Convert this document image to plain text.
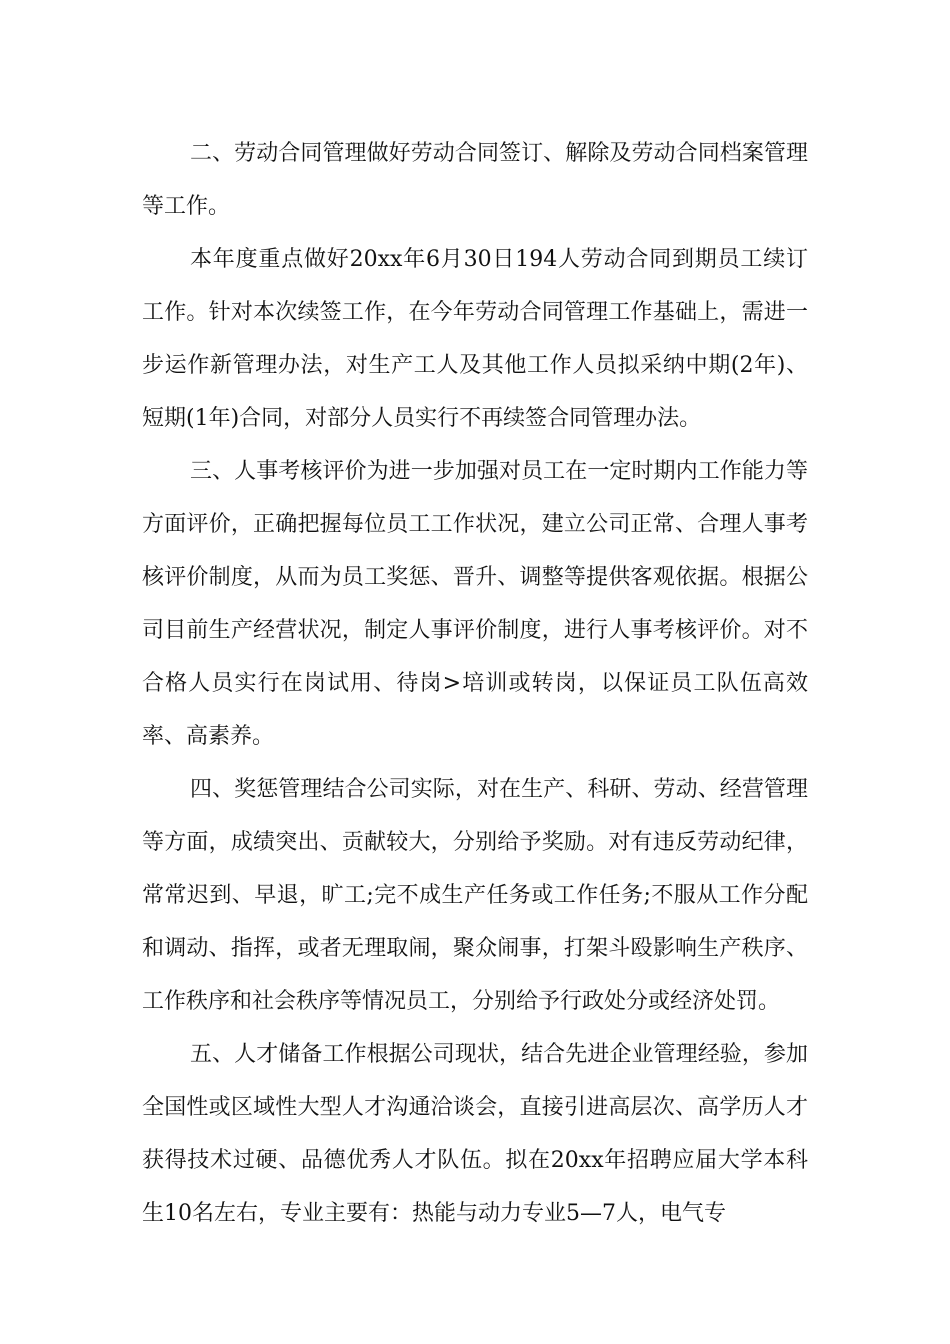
二、劳动合同管理做好劳动合同签订、解除及劳动合同档案管理等工作。

本年度重点做好20xx年6月30日194人劳动合同到期员工续订工作。针对本次续签工作，在今年劳动合同管理工作基础上，需进一步运作新管理办法，对生产工人及其他工作人员拟采纳中期(2年)、短期(1年)合同，对部分人员实行不再续签合同管理办法。

三、人事考核评价为进一步加强对员工在一定时期内工作能力等方面评价，正确把握每位员工工作状况，建立公司正常、合理人事考核评价制度，从而为员工奖惩、晋升、调整等提供客观依据。根据公司目前生产经营状况，制定人事评价制度，进行人事考核评价。对不合格人员实行在岗试用、待岗>培训或转岗，以保证员工队伍高效率、高素养。

四、奖惩管理结合公司实际，对在生产、科研、劳动、经营管理等方面，成绩突出、贡献较大，分别给予奖励。对有违反劳动纪律，常常迟到、早退，旷工;完不成生产任务或工作任务;不服从工作分配和调动、指挥，或者无理取闹，聚众闹事，打架斗殴影响生产秩序、工作秩序和社会秩序等情况员工，分别给予行政处分或经济处罚。

五、人才储备工作根据公司现状，结合先进企业管理经验，参加全国性或区域性大型人才沟通洽谈会，直接引进高层次、高学历人才获得技术过硬、品德优秀人才队伍。拟在20xx年招聘应届大学本科生10名左右，专业主要有：热能与动力专业5—7人，电气专
